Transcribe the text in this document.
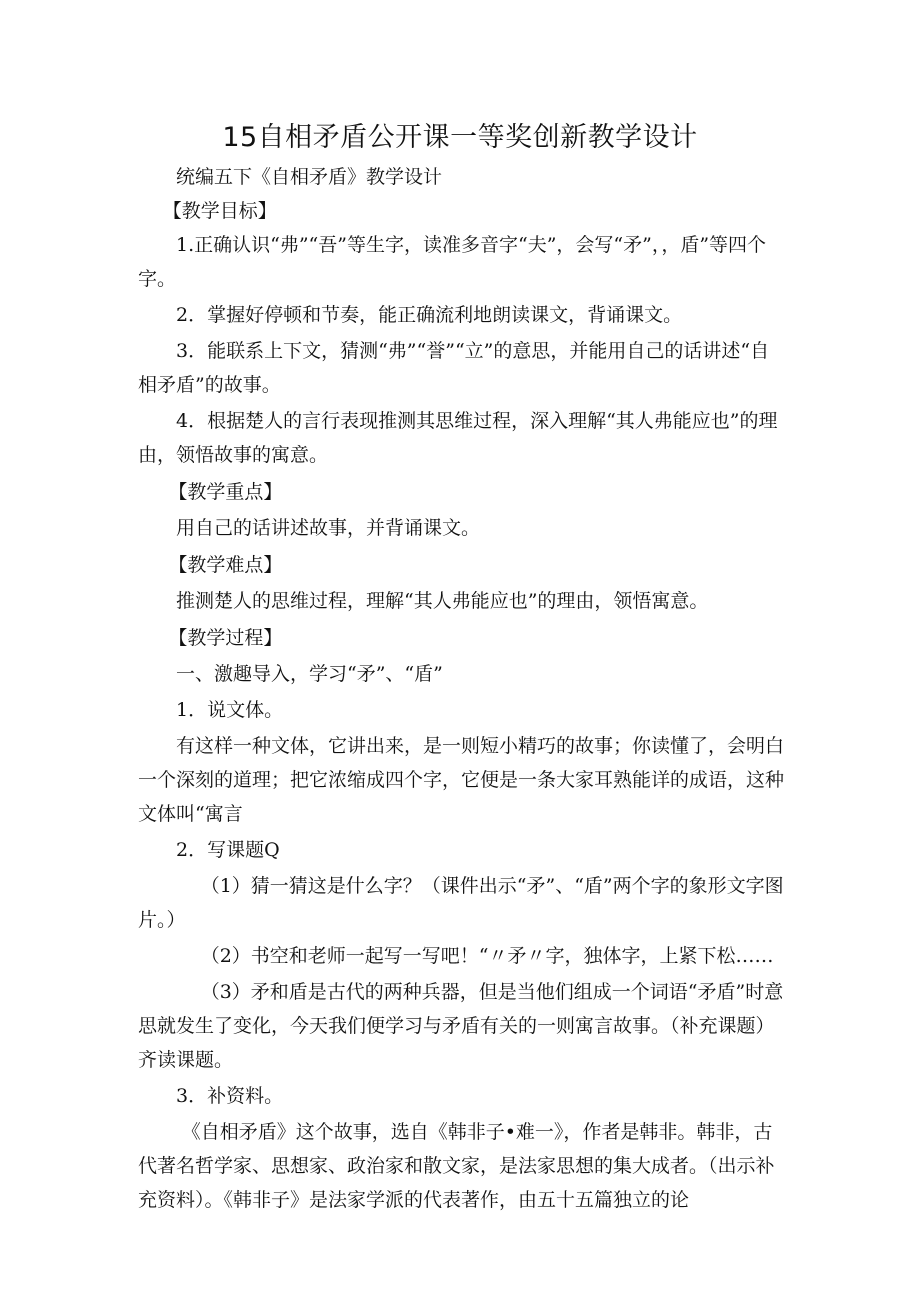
15自相矛盾公开课一等奖创新教学设计

统编五下《自相矛盾》教学设计

【教学目标】

1.正确认识“弗”“吾”等生字，读准多音字“夫”，会写“矛”，，盾”等四个字。

2．掌握好停顿和节奏，能正确流利地朗读课文，背诵课文。

3．能联系上下文，猜测“弗”“誉”“立”的意思，并能用自己的话讲述“自相矛盾”的故事。

4．根据楚人的言行表现推测其思维过程，深入理解“其人弗能应也”的理由，领悟故事的寓意。

【教学重点】

用自己的话讲述故事，并背诵课文。

【教学难点】

推测楚人的思维过程，理解“其人弗能应也”的理由，领悟寓意。

【教学过程】

一、激趣导入，学习“矛”、“盾”

1．说文体。

有这样一种文体，它讲出来，是一则短小精巧的故事；你读懂了，会明白一个深刻的道理；把它浓缩成四个字，它便是一条大家耳熟能详的成语，这种文体叫“寓言

2．写课题Q

（1）猜一猜这是什么字？（课件出示“矛”、“盾”两个字的象形文字图片。）

（2）书空和老师一起写一写吧！“〃矛〃字，独体字，上紧下松……

（3）矛和盾是古代的两种兵器，但是当他们组成一个词语“矛盾”时意思就发生了变化，今天我们便学习与矛盾有关的一则寓言故事。（补充课题）齐读课题。

3．补资料。

《自相矛盾》这个故事，选自《韩非子•难一》，作者是韩非。韩非，古代著名哲学家、思想家、政治家和散文家，是法家思想的集大成者。（出示补充资料）。《韩非子》是法家学派的代表著作，由五十五篇独立的论
